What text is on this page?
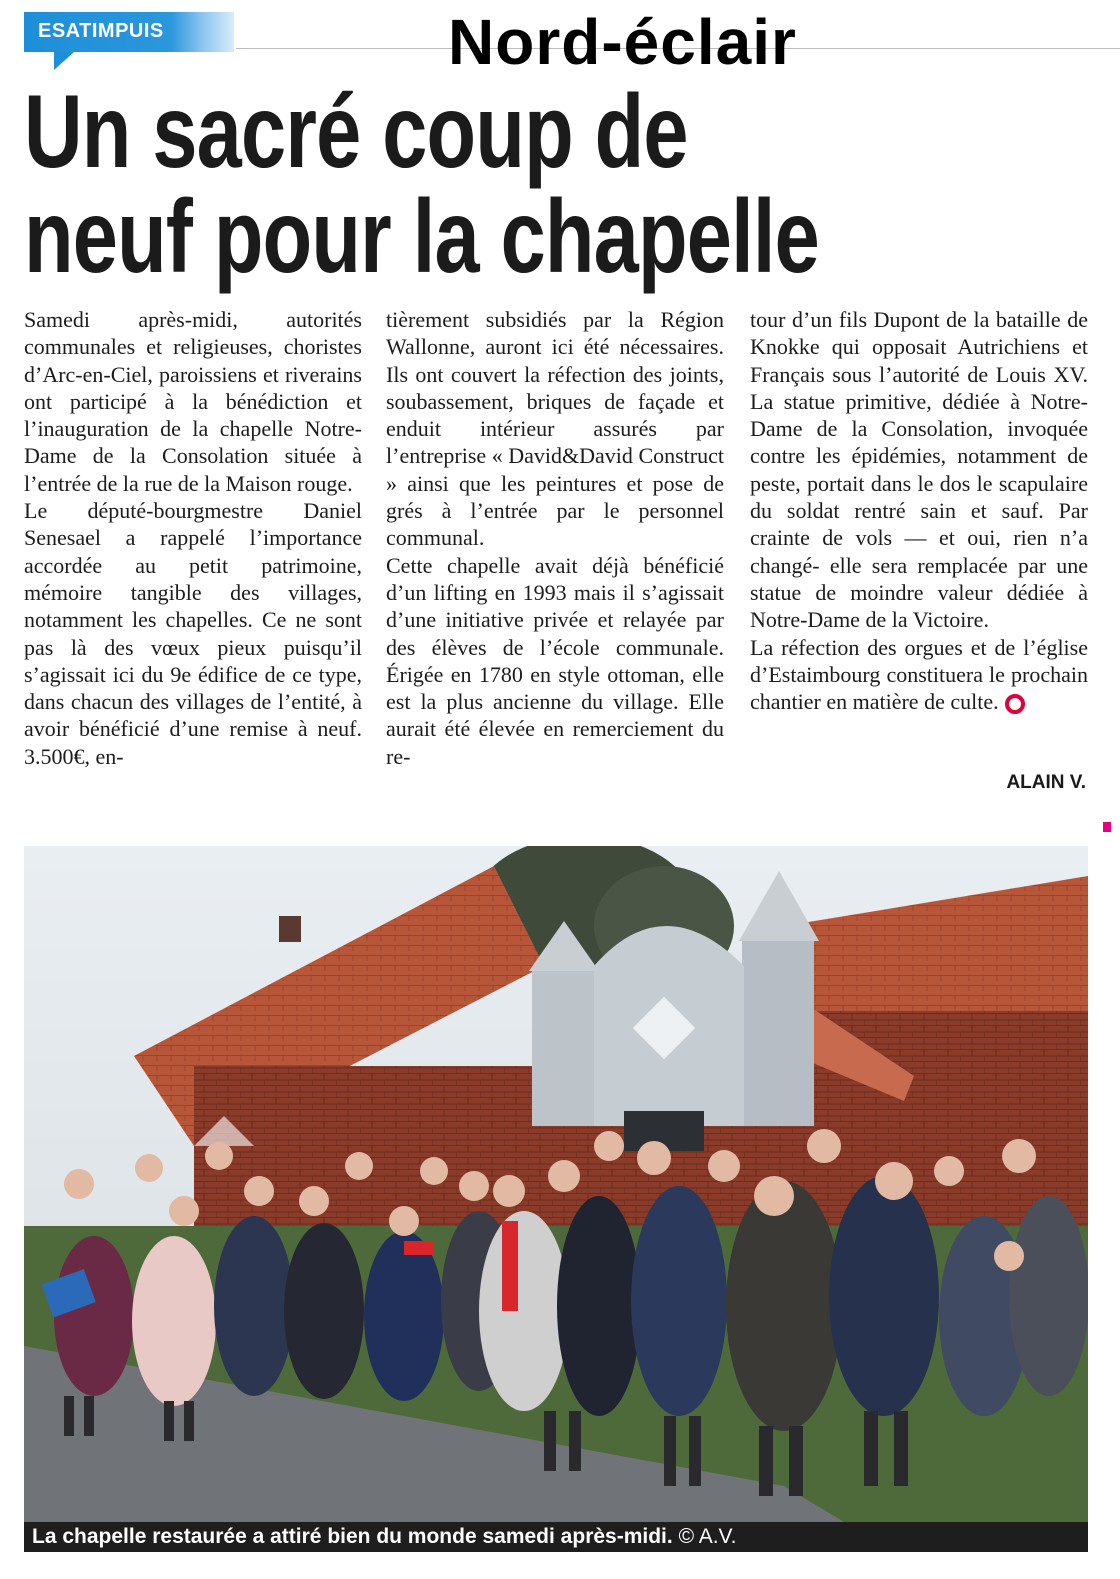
ESATIMPUIS	Nord-éclair
Un sacré coup de
neuf pour la chapelle

Samedi après-midi, autorités communales et religieuses, choristes d’Arc-en-Ciel, paroissiens et riverains ont participé à la bénédiction et l’inauguration de la chapelle Notre-Dame de la Consolation située à l’entrée de la rue de la Maison rouge.

Le député-bourgmestre Daniel Senesael a rappelé l’importance accordée au petit patrimoine, mémoire tangible des villages, notamment les chapelles. Ce ne sont pas là des vœux pieux puisqu’il s’agissait ici du 9e édifice de ce type, dans chacun des villages de l’entité, à avoir bénéficié d’une remise à neuf. 3.500€, en-

tièrement subsidiés par la Région Wallonne, auront ici été nécessaires. Ils ont couvert la réfection des joints, soubassement, briques de façade et enduit intérieur assurés par l’entreprise « David&David Construct » ainsi que les peintures et pose de grés à l’entrée par le personnel communal.

Cette chapelle avait déjà bénéficié d’un lifting en 1993 mais il s’agissait d’une initiative privée et relayée par des élèves de l’école communale. Érigée en 1780 en style ottoman, elle est la plus ancienne du village. Elle aurait été élevée en remerciement du re-

tour d’un fils Dupont de la bataille de Knokke qui opposait Autrichiens et Français sous l’autorité de Louis XV. La statue primitive, dédiée à Notre-Dame de la Consolation, invoquée contre les épidémies, notamment de peste, portait dans le dos le scapulaire du soldat rentré sain et sauf. Par crainte de vols — et oui, rien n’a changé- elle sera remplacée par une statue de moindre valeur dédiée à Notre-Dame de la Victoire.

La réfection des orgues et de l’église d’Estaimbourg constituera le prochain chantier en matière de culte.

ALAIN V.
La chapelle restaurée a attiré bien du monde samedi après-midi. © A.V.
